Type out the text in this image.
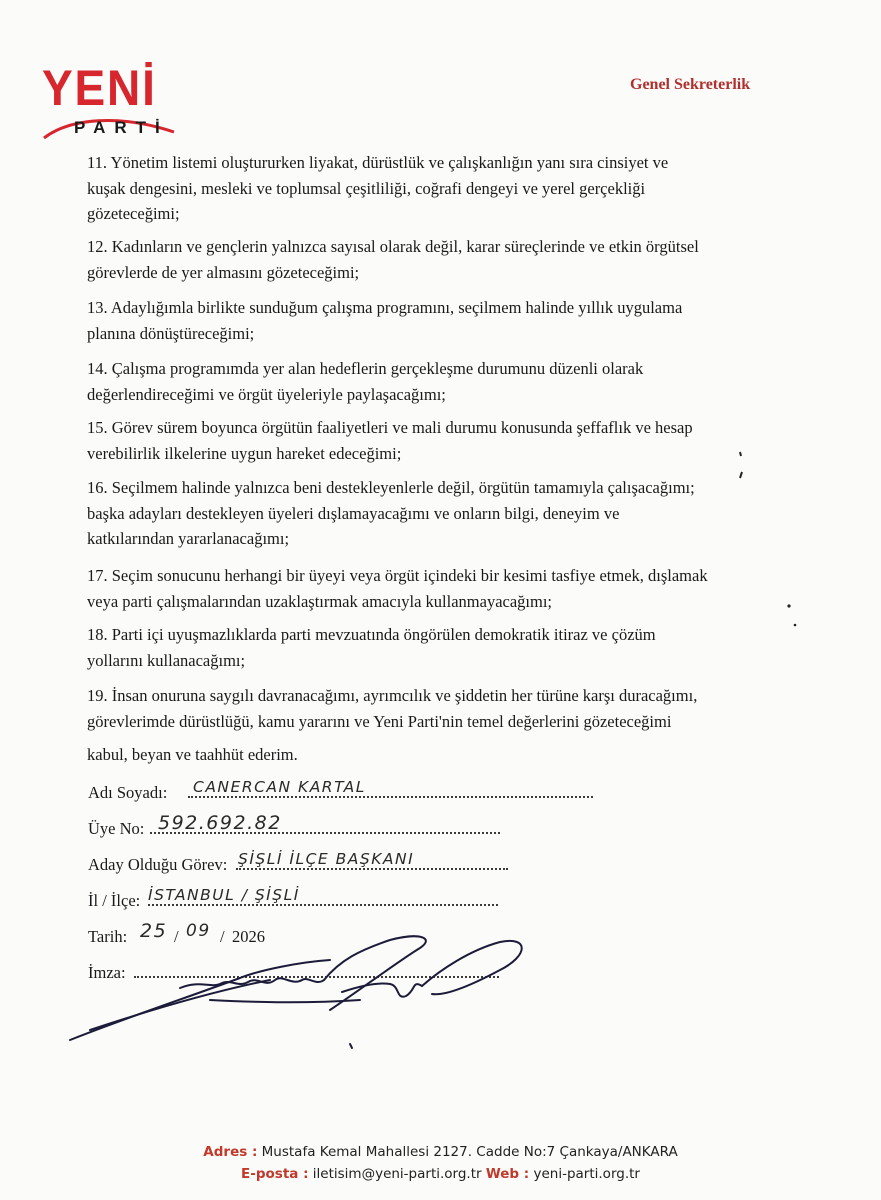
YENİ
PARTİ
Genel Sekreterlik
11. Yönetim listemi oluştururken liyakat, dürüstlük ve çalışkanlığın yanı sıra cinsiyet ve
kuşak dengesini, mesleki ve toplumsal çeşitliliği, coğrafi dengeyi ve yerel gerçekliği
gözeteceğimi;
12. Kadınların ve gençlerin yalnızca sayısal olarak değil, karar süreçlerinde ve etkin örgütsel
görevlerde de yer almasını gözeteceğimi;
13. Adaylığımla birlikte sunduğum çalışma programını, seçilmem halinde yıllık uygulama
planına dönüştüreceğimi;
14. Çalışma programımda yer alan hedeflerin gerçekleşme durumunu düzenli olarak
değerlendireceğimi ve örgüt üyeleriyle paylaşacağımı;
15. Görev sürem boyunca örgütün faaliyetleri ve mali durumu konusunda şeffaflık ve hesap
verebilirlik ilkelerine uygun hareket edeceğimi;
16. Seçilmem halinde yalnızca beni destekleyenlerle değil, örgütün tamamıyla çalışacağımı;
başka adayları destekleyen üyeleri dışlamayacağımı ve onların bilgi, deneyim ve
katkılarından yararlanacağımı;
17. Seçim sonucunu herhangi bir üyeyi veya örgüt içindeki bir kesimi tasfiye etmek, dışlamak
veya parti çalışmalarından uzaklaştırmak amacıyla kullanmayacağımı;
18. Parti içi uyuşmazlıklarda parti mevzuatında öngörülen demokratik itiraz ve çözüm
yollarını kullanacağımı;
19. İnsan onuruna saygılı davranacağımı, ayrımcılık ve şiddetin her türüne karşı duracağımı,
görevlerimde dürüstlüğü, kamu yararını ve Yeni Parti'nin temel değerlerini gözeteceğimi
kabul, beyan ve taahhüt ederim.
Adı Soyadı: CANERCAN KARTAL
Üye No: 592.692.82
Aday Olduğu Görev: ŞİŞLİ İLÇE BAŞKANI
İl / İlçe: İSTANBUL / ŞİŞLİ
Tarih: 25 / 09 / 2026
İmza:
Adres : Mustafa Kemal Mahallesi 2127. Cadde No:7 Çankaya/ANKARA
E-posta : iletisim@yeni-parti.org.tr Web : yeni-parti.org.tr
